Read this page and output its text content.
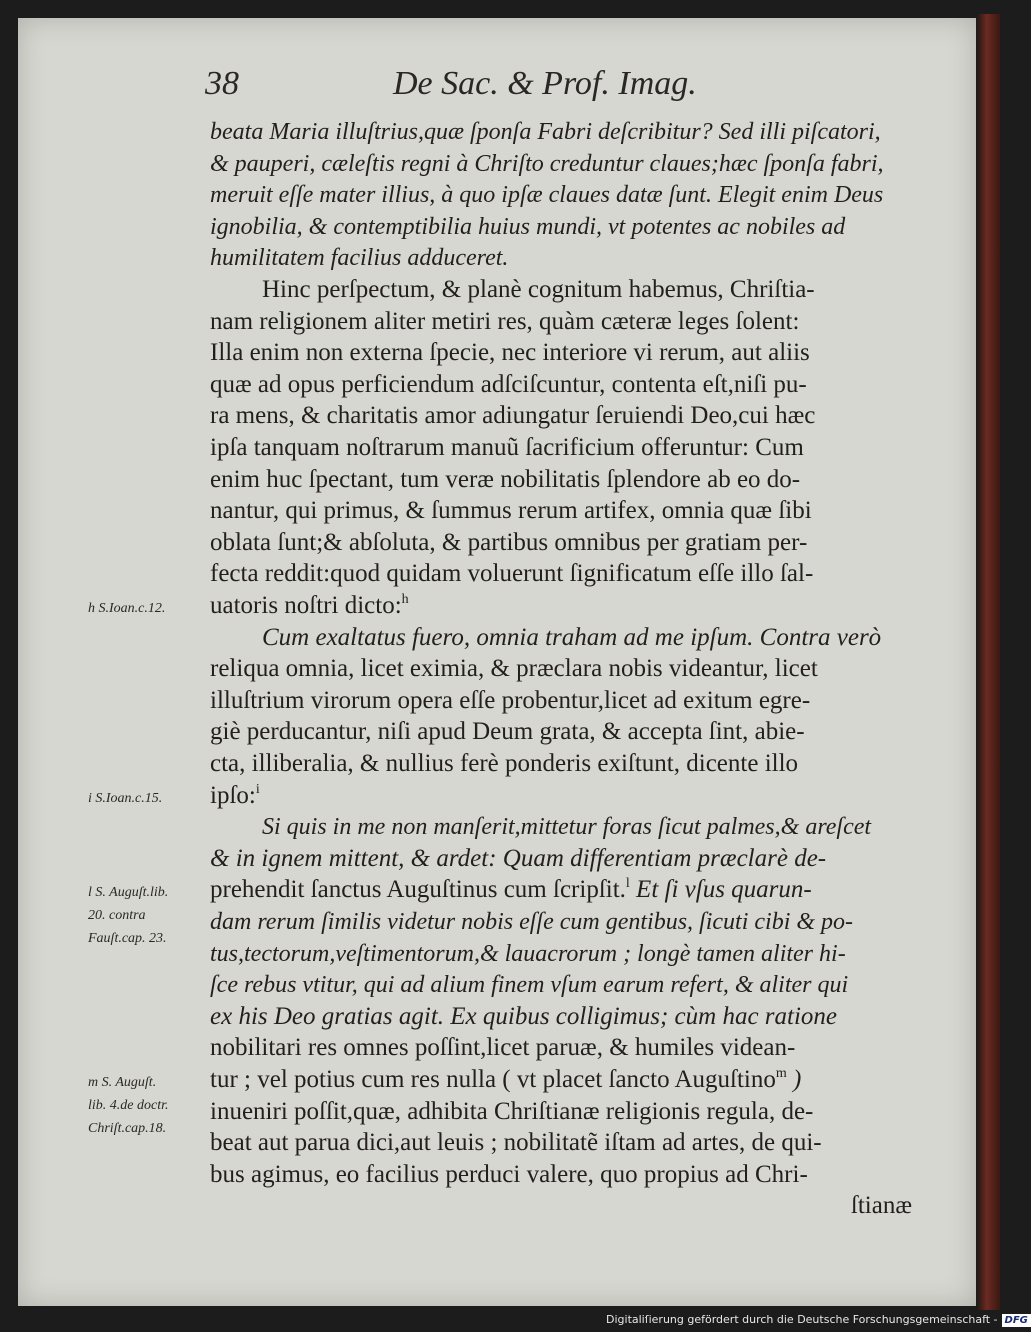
38	De Sac. & Prof. Imag.
beata Maria illuſtrius,quæ ſponſa Fabri deſcribitur? Sed illi piſcatori,
& pauperi, cæleſtis regni à Chriſto creduntur claues;hæc ſponſa fabri,
meruit eſſe mater illius, à quo ipſæ claues datæ ſunt. Elegit enim Deus
ignobilia, & contemptibilia huius mundi, vt potentes ac nobiles ad
humilitatem facilius adduceret.
Hinc perſpectum, & planè cognitum habemus, Chriſtia-
nam religionem aliter metiri res, quàm cæteræ leges ſolent:
Illa enim non externa ſpecie, nec interiore vi rerum, aut aliis
quæ ad opus perficiendum adſciſcuntur, contenta eſt,niſi pu-
ra mens, & charitatis amor adiungatur ſeruiendi Deo,cui hæc
ipſa tanquam noſtrarum manuũ ſacrificium offeruntur: Cum
enim huc ſpectant, tum veræ nobilitatis ſplendore ab eo do-
nantur, qui primus, & ſummus rerum artifex, omnia quæ ſibi
oblata ſunt;& abſoluta, & partibus omnibus per gratiam per-
fecta reddit:quod quidam voluerunt ſignificatum eſſe illo ſal-
uatoris noſtri dicto:$^h$
Cum exaltatus fuero, omnia traham ad me ipſum. Contra verò
reliqua omnia, licet eximia, & præclara nobis videantur, licet
illuſtrium virorum opera eſſe probentur,licet ad exitum egre-
giè perducantur, niſi apud Deum grata, & accepta ſint, abie-
cta, illiberalia, & nullius ferè ponderis exiſtunt, dicente illo
ipſo:$^i$
Si quis in me non manſerit,mittetur foras ſicut palmes,& areſcet
& in ignem mittent, & ardet: Quam differentiam præclarè de-
prehendit ſanctus Auguſtinus cum ſcripſit.$^l$ Et ſi vſus quarun-
dam rerum ſimilis videtur nobis eſſe cum gentibus, ſicuti cibi & po-
tus,tectorum,veſtimentorum,& lauacrorum ; longè tamen aliter hi-
ſce rebus vtitur, qui ad alium finem vſum earum refert, & aliter qui
ex his Deo gratias agit. Ex quibus colligimus; cùm hac ratione
nobilitari res omnes poſſint,licet paruæ, & humiles videan-
tur ; vel potius cum res nulla ( vt placet ſancto Auguſtino$^m$ )
inueniri poſſit,quæ, adhibita Chriſtianæ religionis regula, de-
beat aut parua dici,aut leuis ; nobilitatẽ iſtam ad artes, de qui-
bus agimus, eo facilius perduci valere, quo propius ad Chri-
ſtianæ
h S.Ioan.c.12.
i S.Ioan.c.15.
l S. Auguſt.lib.
20. contra
Fauſt.cap. 23.
m S. Auguſt.
lib. 4.de doctr.
Chriſt.cap.18.
Digitaliſierung gefördert durch die Deutsche Forschungsgemeinschaft - DFG
